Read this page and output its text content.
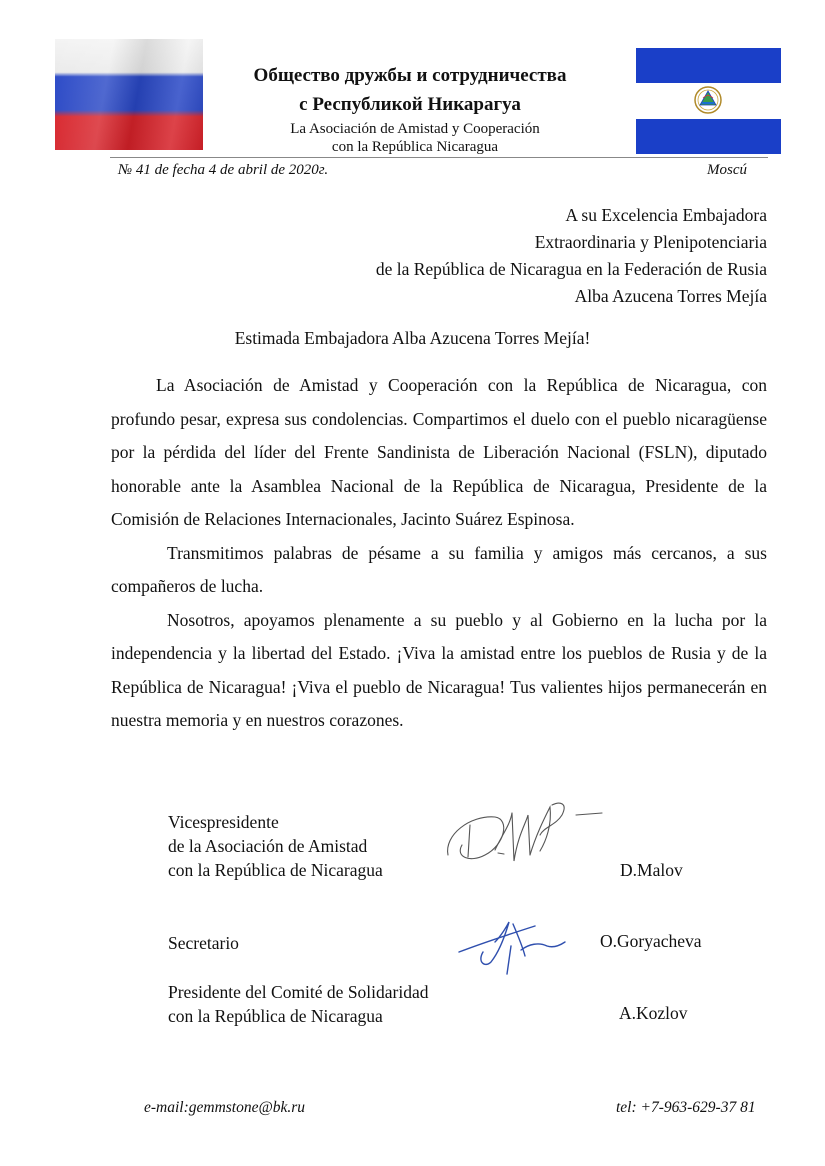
Общество дружбы и сотрудничества
с Республикой Никарагуа
La Asociación de Amistad y Cooperación
con la República Nicaragua
№ 41 de fecha 4 de abril de 2020г.	Moscú
A su Excelencia Embajadora
Extraordinaria y Plenipotenciaria
de la República de Nicaragua en la Federación de Rusia
Alba Azucena Torres Mejía
Estimada Embajadora Alba Azucena Torres Mejía!

La Asociación de Amistad y Cooperación con la República de Nicaragua, con profundo pesar, expresa sus condolencias. Compartimos el duelo con el pueblo nicaragüense por la pérdida del líder del Frente Sandinista de Liberación Nacional (FSLN), diputado honorable ante la Asamblea Nacional de la República de Nicaragua, Presidente de la Comisión de Relaciones Internacionales, Jacinto Suárez Espinosa.

Transmitimos palabras de pésame a su familia y amigos más cercanos, a sus compañeros de lucha.

Nosotros, apoyamos plenamente a su pueblo y al Gobierno en la lucha por la independencia y la libertad del Estado. ¡Viva la amistad entre los pueblos de Rusia y de la República de Nicaragua! ¡Viva el pueblo de Nicaragua! Tus valientes hijos permanecerán en nuestra memoria y en nuestros corazones.

Vicespresidente
de la Asociación de Amistad
con la República de Nicaragua	D.Malov
Secretario	O.Goryacheva
Presidente del Comité de Solidaridad
con la República de Nicaragua	A.Kozlov
e-mail:gemmstone@bk.ru	tel: +7-963-629-37 81
